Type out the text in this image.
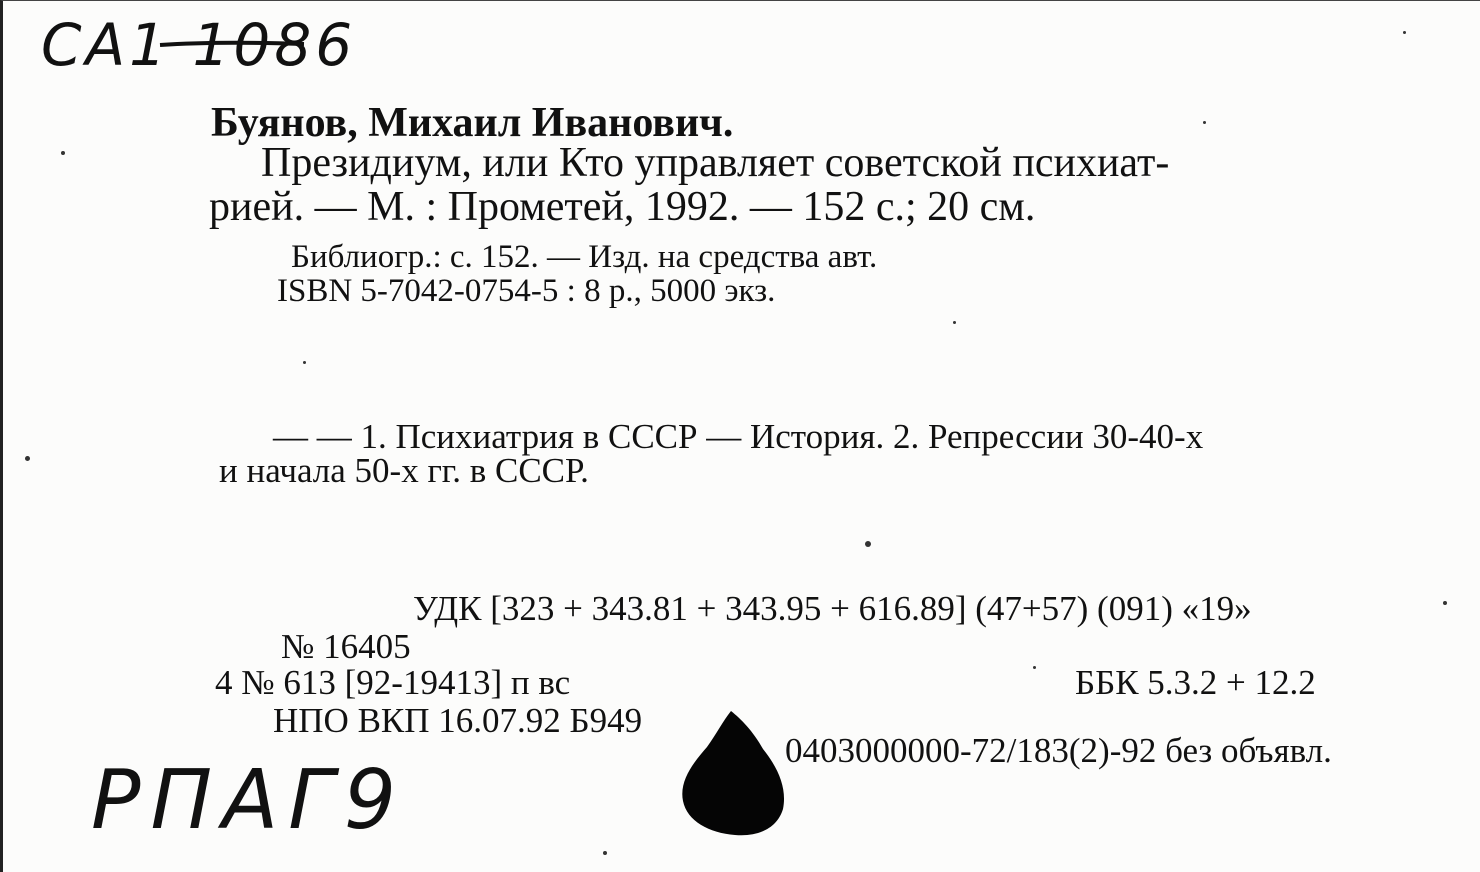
CA1 1086
Буянов, Михаил Иванович.
Президиум, или Кто управляет советской психиат-
рией. — М. : Прометей, 1992. — 152 с.; 20 см.
Библиогр.: с. 152. — Изд. на средства авт.
ISBN 5-7042-0754-5 : 8 р., 5000 экз.
— — 1. Психиатрия в СССР — История. 2. Репрессии 30-40-х
и начала 50-х гг. в СССР.
УДК [323 + 343.81 + 343.95 + 616.89] (47+57) (091) «19»
№ 16405
4 № 613 [92-19413] п вс	ББК 5.3.2 + 12.2
НПО ВКП 16.07.92 Б949
0403000000-72/183(2)-92 без объявл.
РПАГ9
